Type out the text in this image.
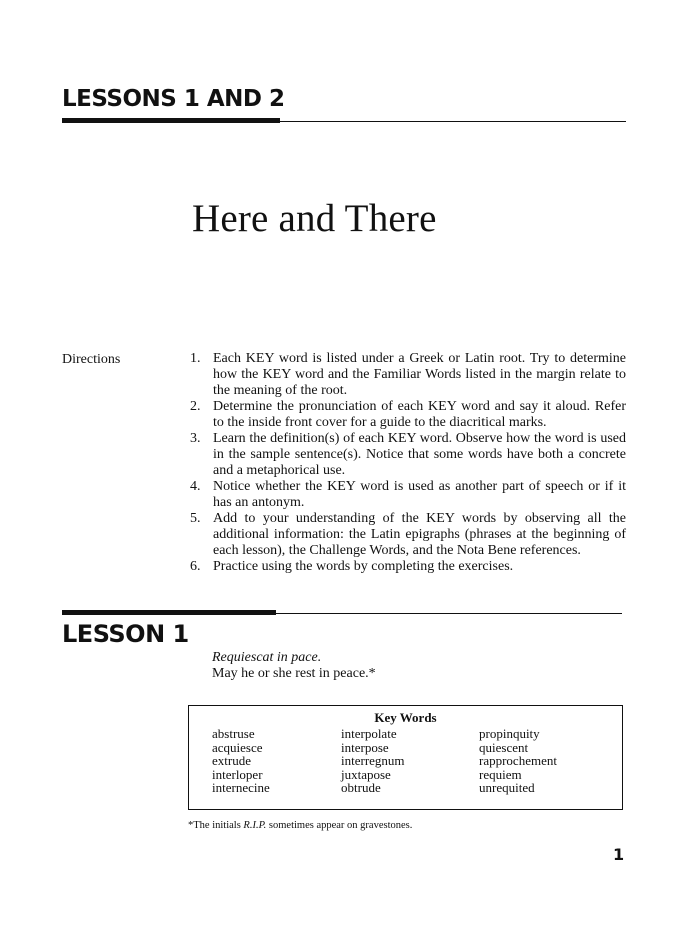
LESSONS 1 AND 2
Here and There
Directions	1. Each KEY word is listed under a Greek or Latin root. Try to determine how the KEY word and the Familiar Words listed in the margin relate to the meaning of the root.
2. Determine the pronunciation of each KEY word and say it aloud. Refer to the inside front cover for a guide to the diacritical marks.
3. Learn the definition(s) of each KEY word. Observe how the word is used in the sample sentence(s). Notice that some words have both a concrete and a metaphorical use.
4. Notice whether the KEY word is used as another part of speech or if it has an antonym.
5. Add to your understanding of the KEY words by observing all the additional information: the Latin epigraphs (phrases at the beginning of each lesson), the Challenge Words, and the Nota Bene references.
6. Practice using the words by completing the exercises.
LESSON 1
Requiescat in pace.
May he or she rest in peace.*
Key Words
abstruse
acquiesce
extrude
interloper
internecine
interpolate
interpose
interregnum
juxtapose
obtrude
propinquity
quiescent
rapprochement
requiem
unrequited
*The initials R.I.P. sometimes appear on gravestones.
1
